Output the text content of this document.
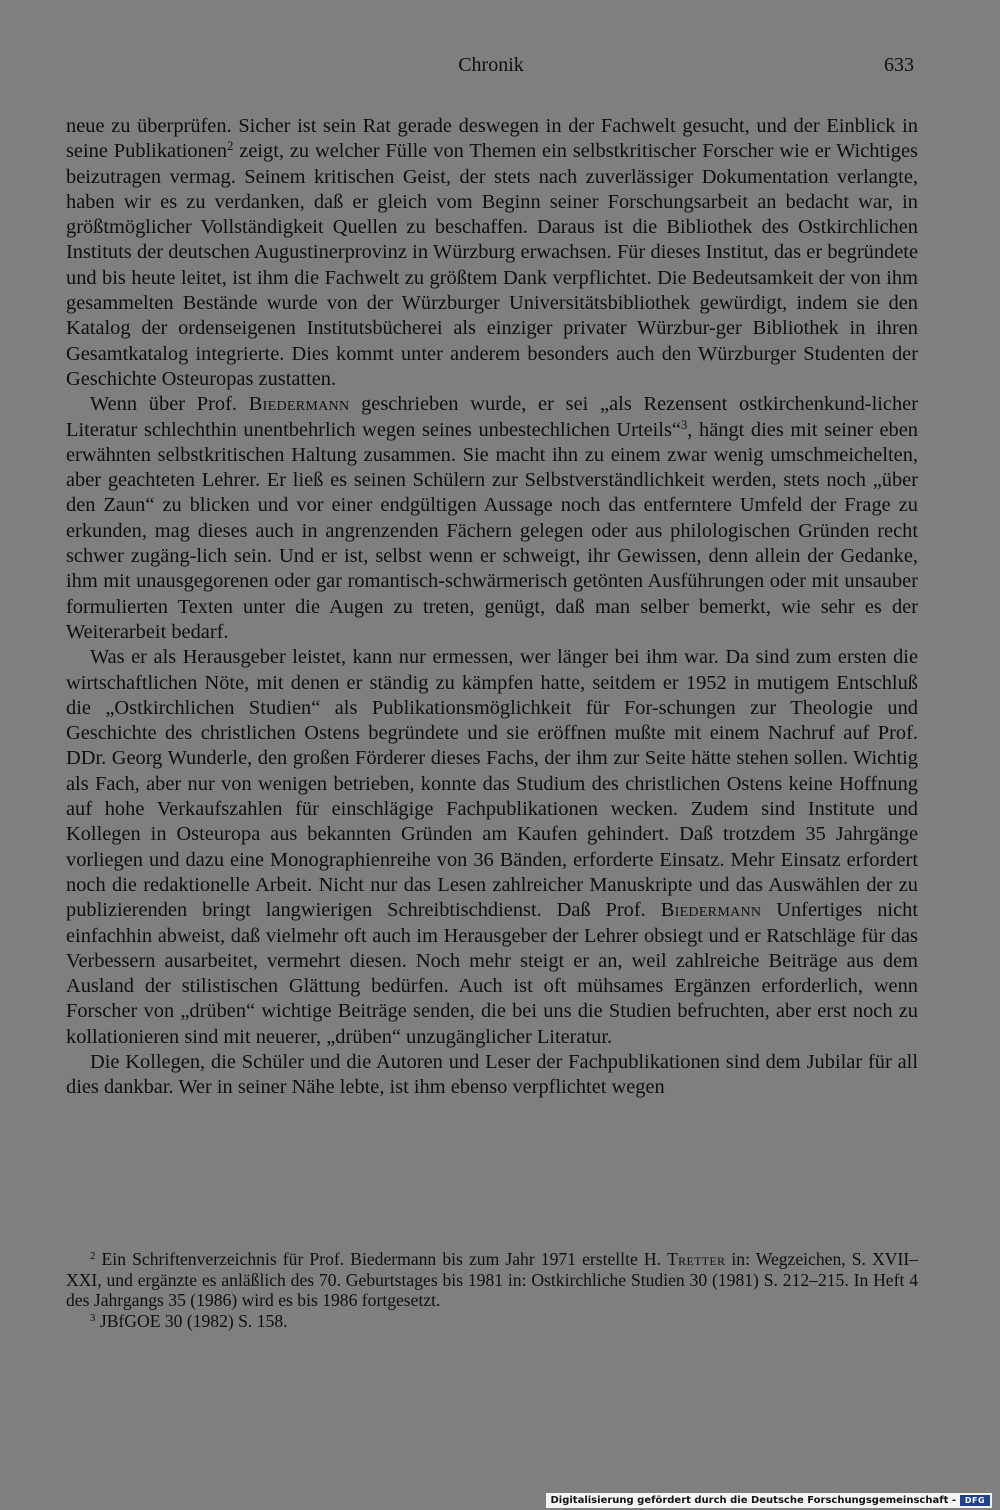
Chronik	633

neue zu überprüfen. Sicher ist sein Rat gerade deswegen in der Fachwelt gesucht, und der Einblick in seine Publikationen$^2$ zeigt, zu welcher Fülle von Themen ein selbstkritischer Forscher wie er Wichtiges beizutragen vermag. Seinem kritischen Geist, der stets nach zuverlässiger Dokumentation verlangte, haben wir es zu verdanken, daß er gleich vom Beginn seiner Forschungsarbeit an bedacht war, in größtmöglicher Vollständigkeit Quellen zu beschaffen. Daraus ist die Bibliothek des Ostkirchlichen Instituts der deutschen Augustinerprovinz in Würzburg erwachsen. Für dieses Institut, das er begründete und bis heute leitet, ist ihm die Fachwelt zu größtem Dank verpflichtet. Die Bedeutsamkeit der von ihm gesammelten Bestände wurde von der Würzburger Universitätsbibliothek gewürdigt, indem sie den Katalog der ordenseigenen Institutsbücherei als einziger privater Würzbur-ger Bibliothek in ihren Gesamtkatalog integrierte. Dies kommt unter anderem besonders auch den Würzburger Studenten der Geschichte Osteuropas zustatten.

Wenn über Prof. Biedermann geschrieben wurde, er sei „als Rezensent ostkirchenkund-licher Literatur schlechthin unentbehrlich wegen seines unbestechlichen Urteils“$^3$, hängt dies mit seiner eben erwähnten selbstkritischen Haltung zusammen. Sie macht ihn zu einem zwar wenig umschmeichelten, aber geachteten Lehrer. Er ließ es seinen Schülern zur Selbstverständlichkeit werden, stets noch „über den Zaun“ zu blicken und vor einer endgültigen Aussage noch das entferntere Umfeld der Frage zu erkunden, mag dieses auch in angrenzenden Fächern gelegen oder aus philologischen Gründen recht schwer zugäng-lich sein. Und er ist, selbst wenn er schweigt, ihr Gewissen, denn allein der Gedanke, ihm mit unausgegorenen oder gar romantisch-schwärmerisch getönten Ausführungen oder mit unsauber formulierten Texten unter die Augen zu treten, genügt, daß man selber bemerkt, wie sehr es der Weiterarbeit bedarf.

Was er als Herausgeber leistet, kann nur ermessen, wer länger bei ihm war. Da sind zum ersten die wirtschaftlichen Nöte, mit denen er ständig zu kämpfen hatte, seitdem er 1952 in mutigem Entschluß die „Ostkirchlichen Studien“ als Publikationsmöglichkeit für For-schungen zur Theologie und Geschichte des christlichen Ostens begründete und sie eröffnen mußte mit einem Nachruf auf Prof. DDr. Georg Wunderle, den großen Förderer dieses Fachs, der ihm zur Seite hätte stehen sollen. Wichtig als Fach, aber nur von wenigen betrieben, konnte das Studium des christlichen Ostens keine Hoffnung auf hohe Verkaufszahlen für einschlägige Fachpublikationen wecken. Zudem sind Institute und Kollegen in Osteuropa aus bekannten Gründen am Kaufen gehindert. Daß trotzdem 35 Jahrgänge vorliegen und dazu eine Monographienreihe von 36 Bänden, erforderte Einsatz. Mehr Einsatz erfordert noch die redaktionelle Arbeit. Nicht nur das Lesen zahlreicher Manuskripte und das Auswählen der zu publizierenden bringt langwierigen Schreibtischdienst. Daß Prof. Biedermann Unfertiges nicht einfachhin abweist, daß vielmehr oft auch im Herausgeber der Lehrer obsiegt und er Ratschläge für das Verbessern ausarbeitet, vermehrt diesen. Noch mehr steigt er an, weil zahlreiche Beiträge aus dem Ausland der stilistischen Glättung bedürfen. Auch ist oft mühsames Ergänzen erforderlich, wenn Forscher von „drüben“ wichtige Beiträge senden, die bei uns die Studien befruchten, aber erst noch zu kollationieren sind mit neuerer, „drüben“ unzugänglicher Literatur.

Die Kollegen, die Schüler und die Autoren und Leser der Fachpublikationen sind dem Jubilar für all dies dankbar. Wer in seiner Nähe lebte, ist ihm ebenso verpflichtet wegen

$^2$ Ein Schriftenverzeichnis für Prof. Biedermann bis zum Jahr 1971 erstellte H. Tretter in: Wegzeichen, S. XVII–XXI, und ergänzte es anläßlich des 70. Geburtstages bis 1981 in: Ostkirchliche Studien 30 (1981) S. 212–215. In Heft 4 des Jahrgangs 35 (1986) wird es bis 1986 fortgesetzt.

$^3$ JBfGOE 30 (1982) S. 158.

Digitalisierung gefördert durch die Deutsche Forschungsgemeinschaft -	DFG
